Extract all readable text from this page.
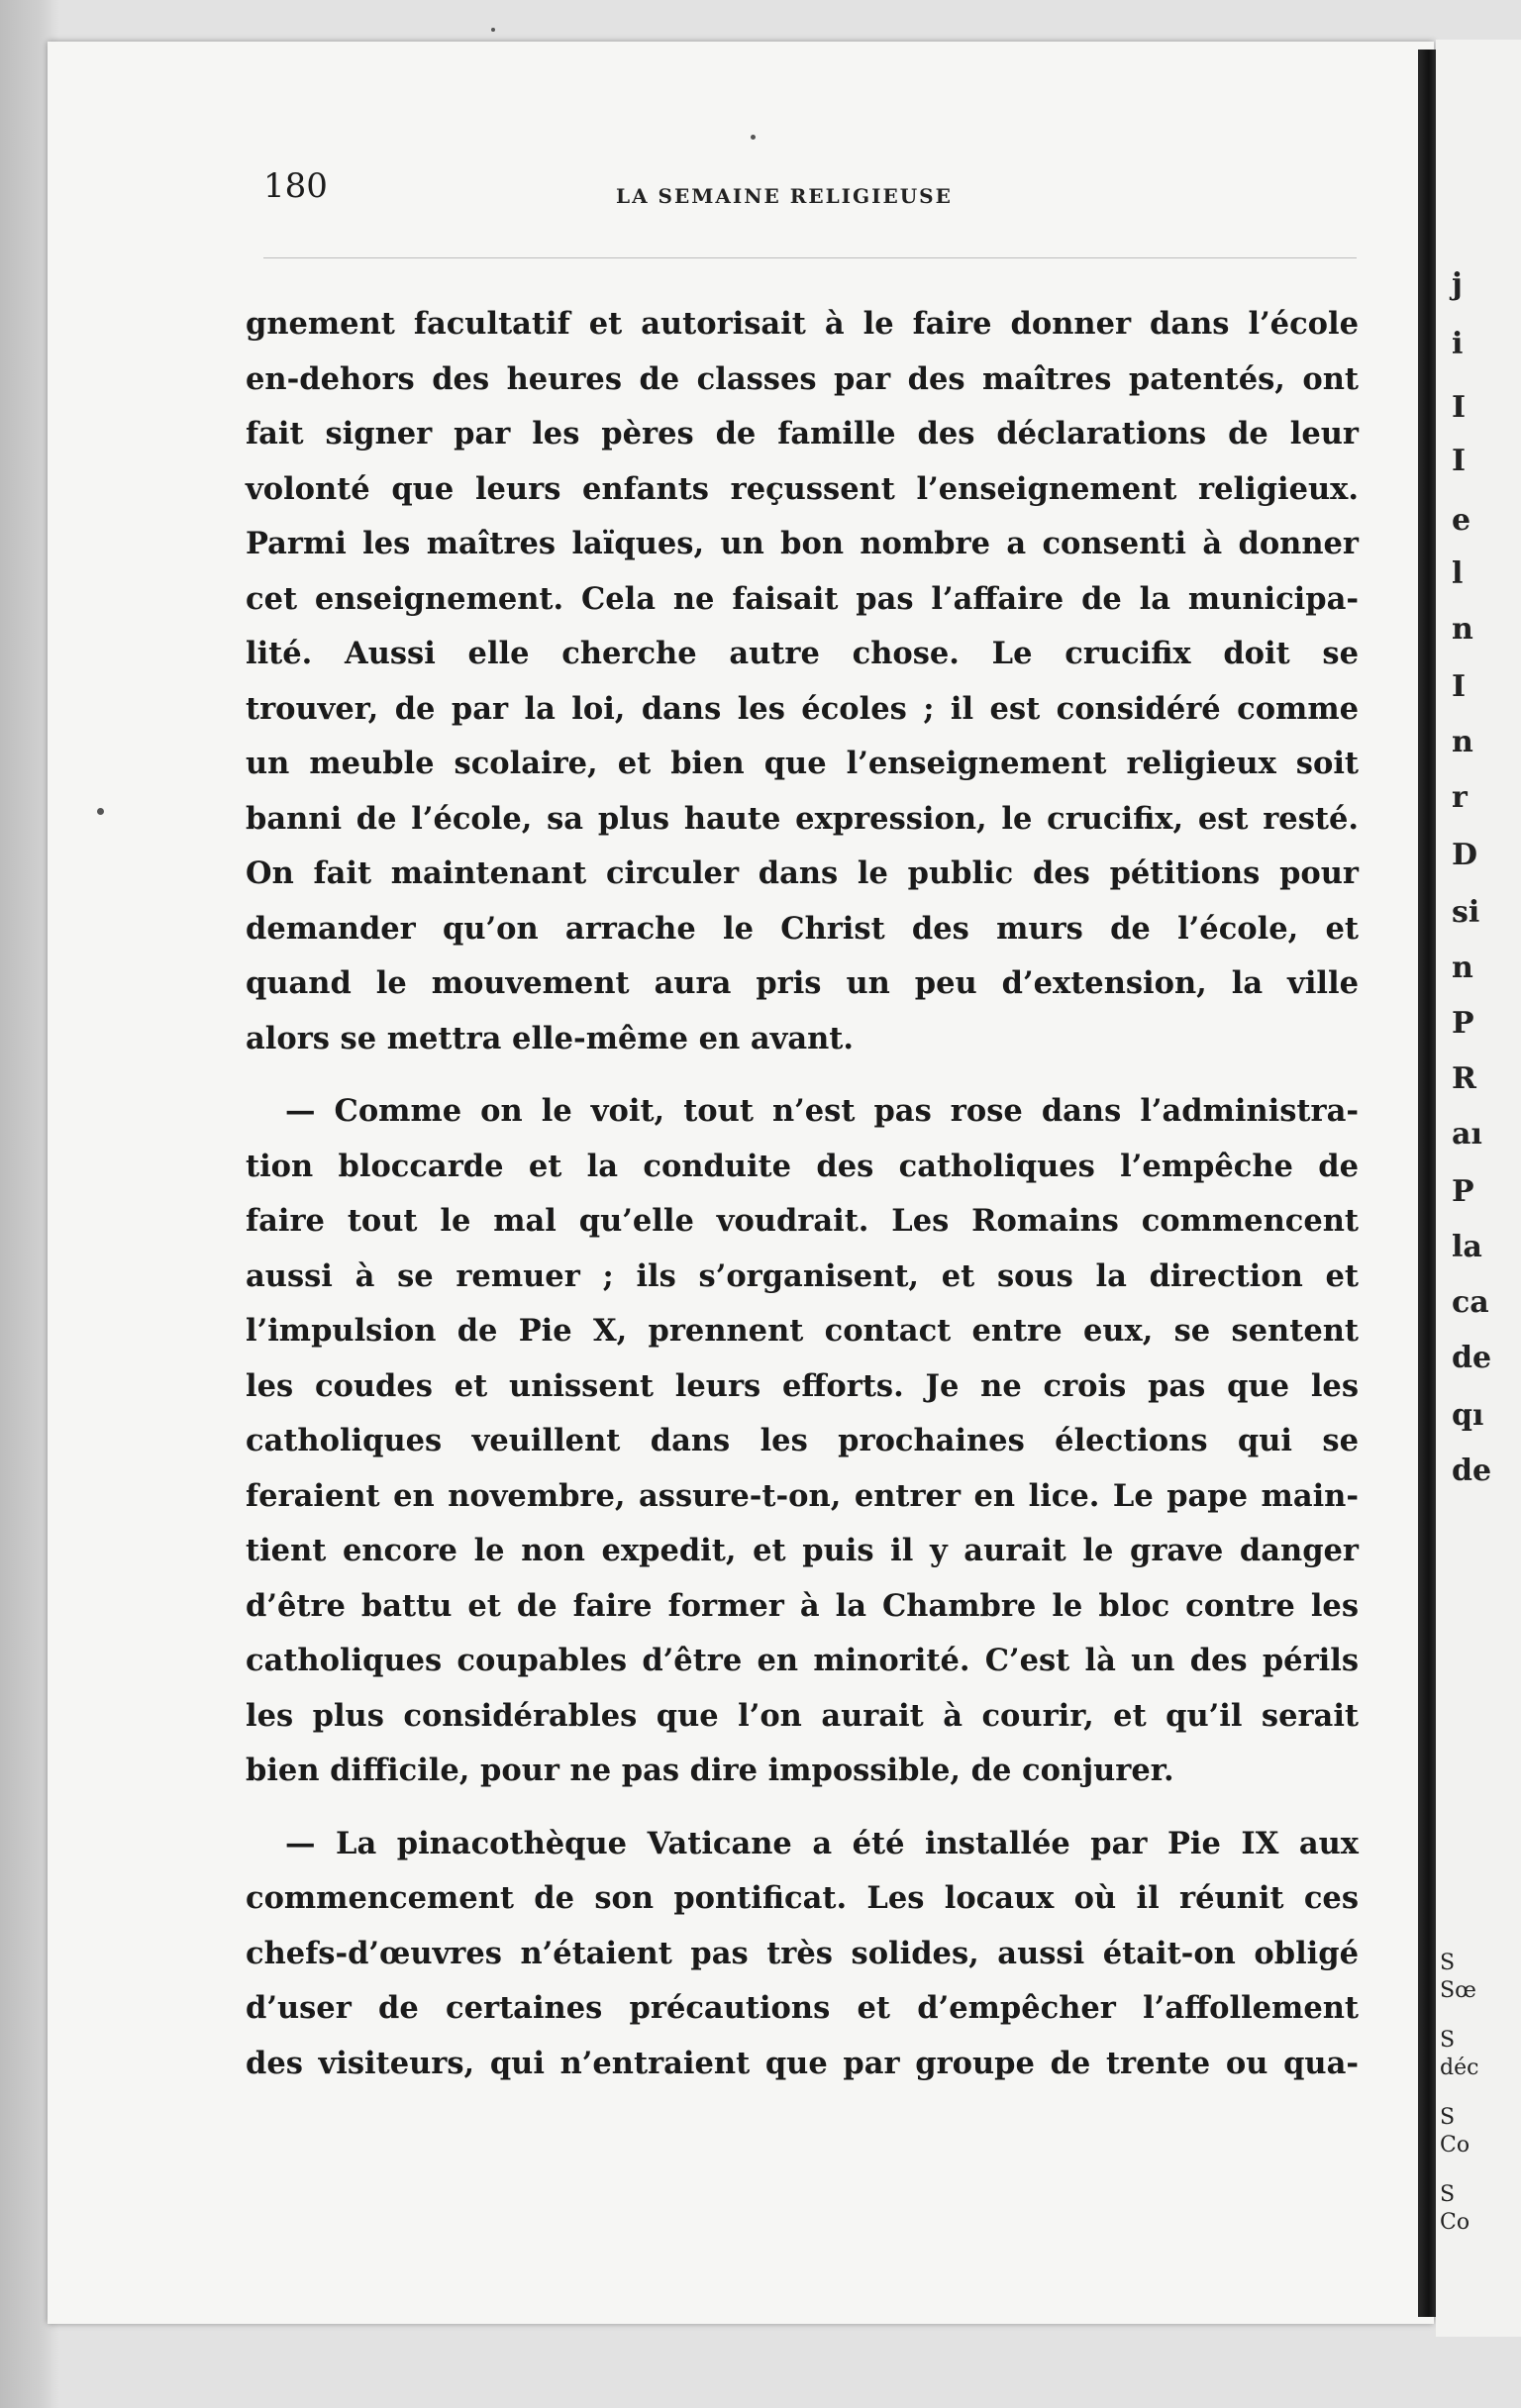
j
i
I
I
e
l
n
I
n
r
D
si
n
P
R
aı
P
la
ca
de
qı
de
S
Sœ
S
déc
S
Co
S
Co
180	LA SEMAINE RELIGIEUSE
gnement facultatif et autorisait à le faire donner dans l’école
en-dehors des heures de classes par des maîtres patentés, ont
fait signer par les pères de famille des déclarations de leur
volonté que leurs enfants reçussent l’enseignement religieux.
Parmi les maîtres laïques, un bon nombre a consenti à donner
cet enseignement. Cela ne faisait pas l’affaire de la municipa-
lité. Aussi elle cherche autre chose. Le crucifix doit se
trouver, de par la loi, dans les écoles ; il est considéré comme
un meuble scolaire, et bien que l’enseignement religieux soit
banni de l’école, sa plus haute expression, le crucifix, est resté.
On fait maintenant circuler dans le public des pétitions pour
demander qu’on arrache le Christ des murs de l’école, et
quand le mouvement aura pris un peu d’extension, la ville
alors se mettra elle-même en avant.
— Comme on le voit, tout n’est pas rose dans l’administra-
tion bloccarde et la conduite des catholiques l’empêche de
faire tout le mal qu’elle voudrait. Les Romains commencent
aussi à se remuer ; ils s’organisent, et sous la direction et
l’impulsion de Pie X, prennent contact entre eux, se sentent
les coudes et unissent leurs efforts. Je ne crois pas que les
catholiques veuillent dans les prochaines élections qui se
feraient en novembre, assure-t-on, entrer en lice. Le pape main-
tient encore le non expedit, et puis il y aurait le grave danger
d’être battu et de faire former à la Chambre le bloc contre les
catholiques coupables d’être en minorité. C’est là un des périls
les plus considérables que l’on aurait à courir, et qu’il serait
bien difficile, pour ne pas dire impossible, de conjurer.
— La pinacothèque Vaticane a été installée par Pie IX aux
commencement de son pontificat. Les locaux où il réunit ces
chefs-d’œuvres n’étaient pas très solides, aussi était-on obligé
d’user de certaines précautions et d’empêcher l’affollement
des visiteurs, qui n’entraient que par groupe de trente ou qua-
